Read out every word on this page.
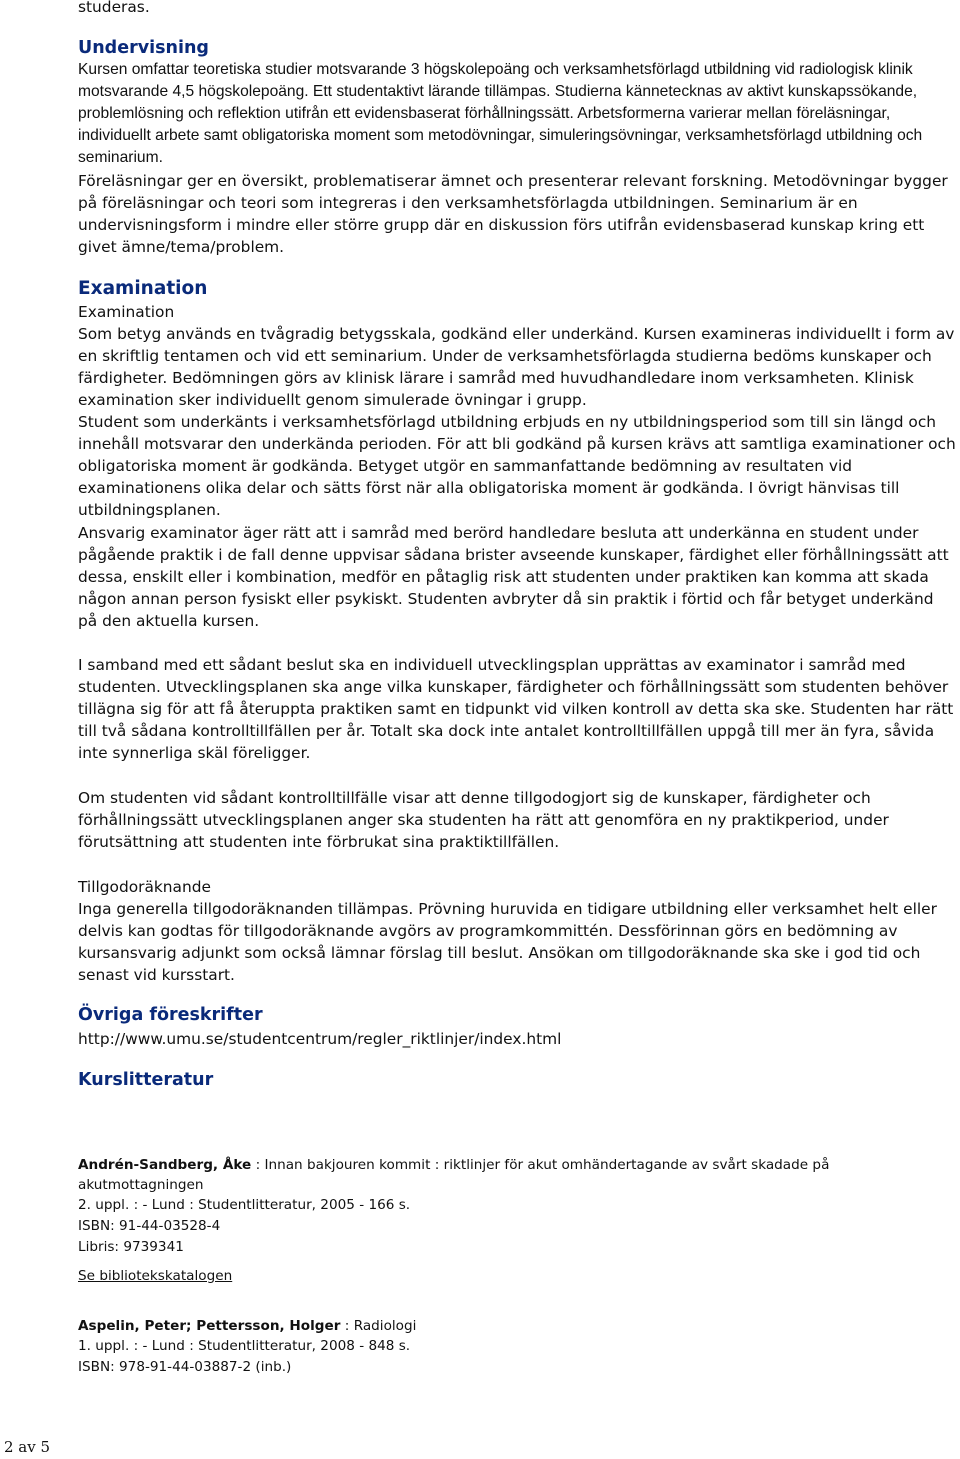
studeras.

Undervisning

Kursen omfattar teoretiska studier motsvarande 3 högskolepoäng och verksamhetsförlagd utbildning vid radiologisk klinik motsvarande 4,5 högskolepoäng. Ett studentaktivt lärande tillämpas. Studierna kännetecknas av aktivt kunskapssökande, problemlösning och reflektion utifrån ett evidensbaserat förhållningssätt. Arbetsformerna varierar mellan föreläsningar, individuellt arbete samt obligatoriska moment som metodövningar, simuleringsövningar, verksamhetsförlagd utbildning och seminarium.

Föreläsningar ger en översikt, problematiserar ämnet och presenterar relevant forskning. Metodövningar bygger på föreläsningar och teori som integreras i den verksamhetsförlagda utbildningen. Seminarium är en undervisningsform i mindre eller större grupp där en diskussion förs utifrån evidensbaserad kunskap kring ett givet ämne/tema/problem.

Examination

Examination

Som betyg används en tvågradig betygsskala, godkänd eller underkänd. Kursen examineras individuellt i form av en skriftlig tentamen och vid ett seminarium. Under de verksamhetsförlagda studierna bedöms kunskaper och färdigheter. Bedömningen görs av klinisk lärare i samråd med huvudhandledare inom verksamheten. Klinisk examination sker individuellt genom simulerade övningar i grupp.

Student som underkänts i verksamhetsförlagd utbildning erbjuds en ny utbildningsperiod som till sin längd och innehåll motsvarar den underkända perioden. För att bli godkänd på kursen krävs att samtliga examinationer och obligatoriska moment är godkända. Betyget utgör en sammanfattande bedömning av resultaten vid examinationens olika delar och sätts först när alla obligatoriska moment är godkända. I övrigt hänvisas till utbildningsplanen.

Ansvarig examinator äger rätt att i samråd med berörd handledare besluta att underkänna en student under pågående praktik i de fall denne uppvisar sådana brister avseende kunskaper, färdighet eller förhållningssätt att dessa, enskilt eller i kombination, medför en påtaglig risk att studenten under praktiken kan komma att skada någon annan person fysiskt eller psykiskt. Studenten avbryter då sin praktik i förtid och får betyget underkänd på den aktuella kursen.

I samband med ett sådant beslut ska en individuell utvecklingsplan upprättas av examinator i samråd med studenten. Utvecklingsplanen ska ange vilka kunskaper, färdigheter och förhållningssätt som studenten behöver tillägna sig för att få återuppta praktiken samt en tidpunkt vid vilken kontroll av detta ska ske. Studenten har rätt till två sådana kontrolltillfällen per år. Totalt ska dock inte antalet kontrolltillfällen uppgå till mer än fyra, såvida inte synnerliga skäl föreligger.

Om studenten vid sådant kontrolltillfälle visar att denne tillgodogjort sig de kunskaper, färdigheter och förhållningssätt utvecklingsplanen anger ska studenten ha rätt att genomföra en ny praktikperiod, under förutsättning att studenten inte förbrukat sina praktiktillfällen.

Tillgodoräknande

Inga generella tillgodoräknanden tillämpas. Prövning huruvida en tidigare utbildning eller verksamhet helt eller delvis kan godtas för tillgodoräknande avgörs av programkommittén. Dessförinnan görs en bedömning av kursansvarig adjunkt som också lämnar förslag till beslut. Ansökan om tillgodoräknande ska ske i god tid och senast vid kursstart.

Övriga föreskrifter

http://www.umu.se/studentcentrum/regler_riktlinjer/index.html

Kurslitteratur

Andrén-Sandberg, Åke : Innan bakjouren kommit : riktlinjer för akut omhändertagande av svårt skadade på akutmottagningen

2. uppl. : - Lund : Studentlitteratur, 2005 - 166 s.

ISBN: 91-44-03528-4

Libris: 9739341

Se bibliotekskatalogen

Aspelin, Peter; Pettersson, Holger : Radiologi

1. uppl. : - Lund : Studentlitteratur, 2008 - 848 s.

ISBN: 978-91-44-03887-2 (inb.)

2 av 5
